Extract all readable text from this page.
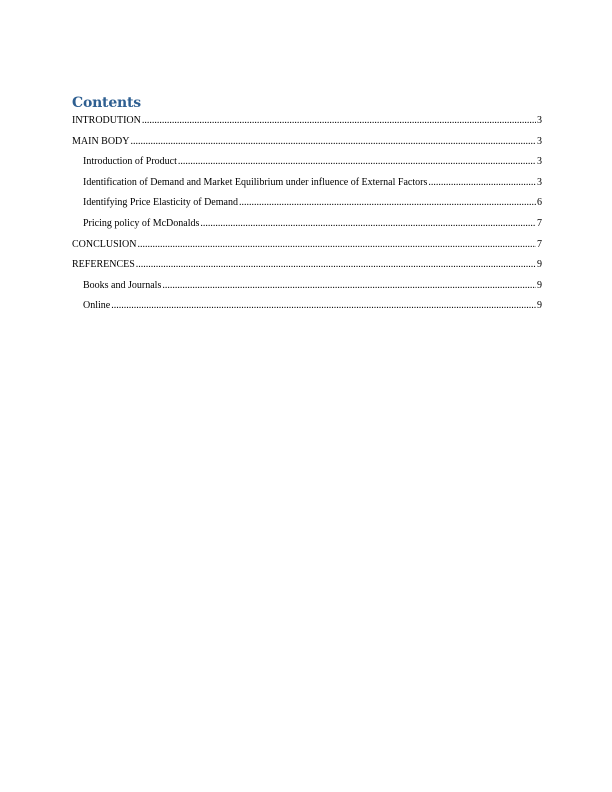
Contents
INTRODUTION .....	3
MAIN BODY .....	3
Introduction of Product .....	3
Identification of Demand and Market Equilibrium under influence of External Factors .....	3
Identifying Price Elasticity of Demand .....	6
Pricing policy of McDonalds .....	7
CONCLUSION .....	7
REFERENCES .....	9
Books and Journals .....	9
Online .....	9
